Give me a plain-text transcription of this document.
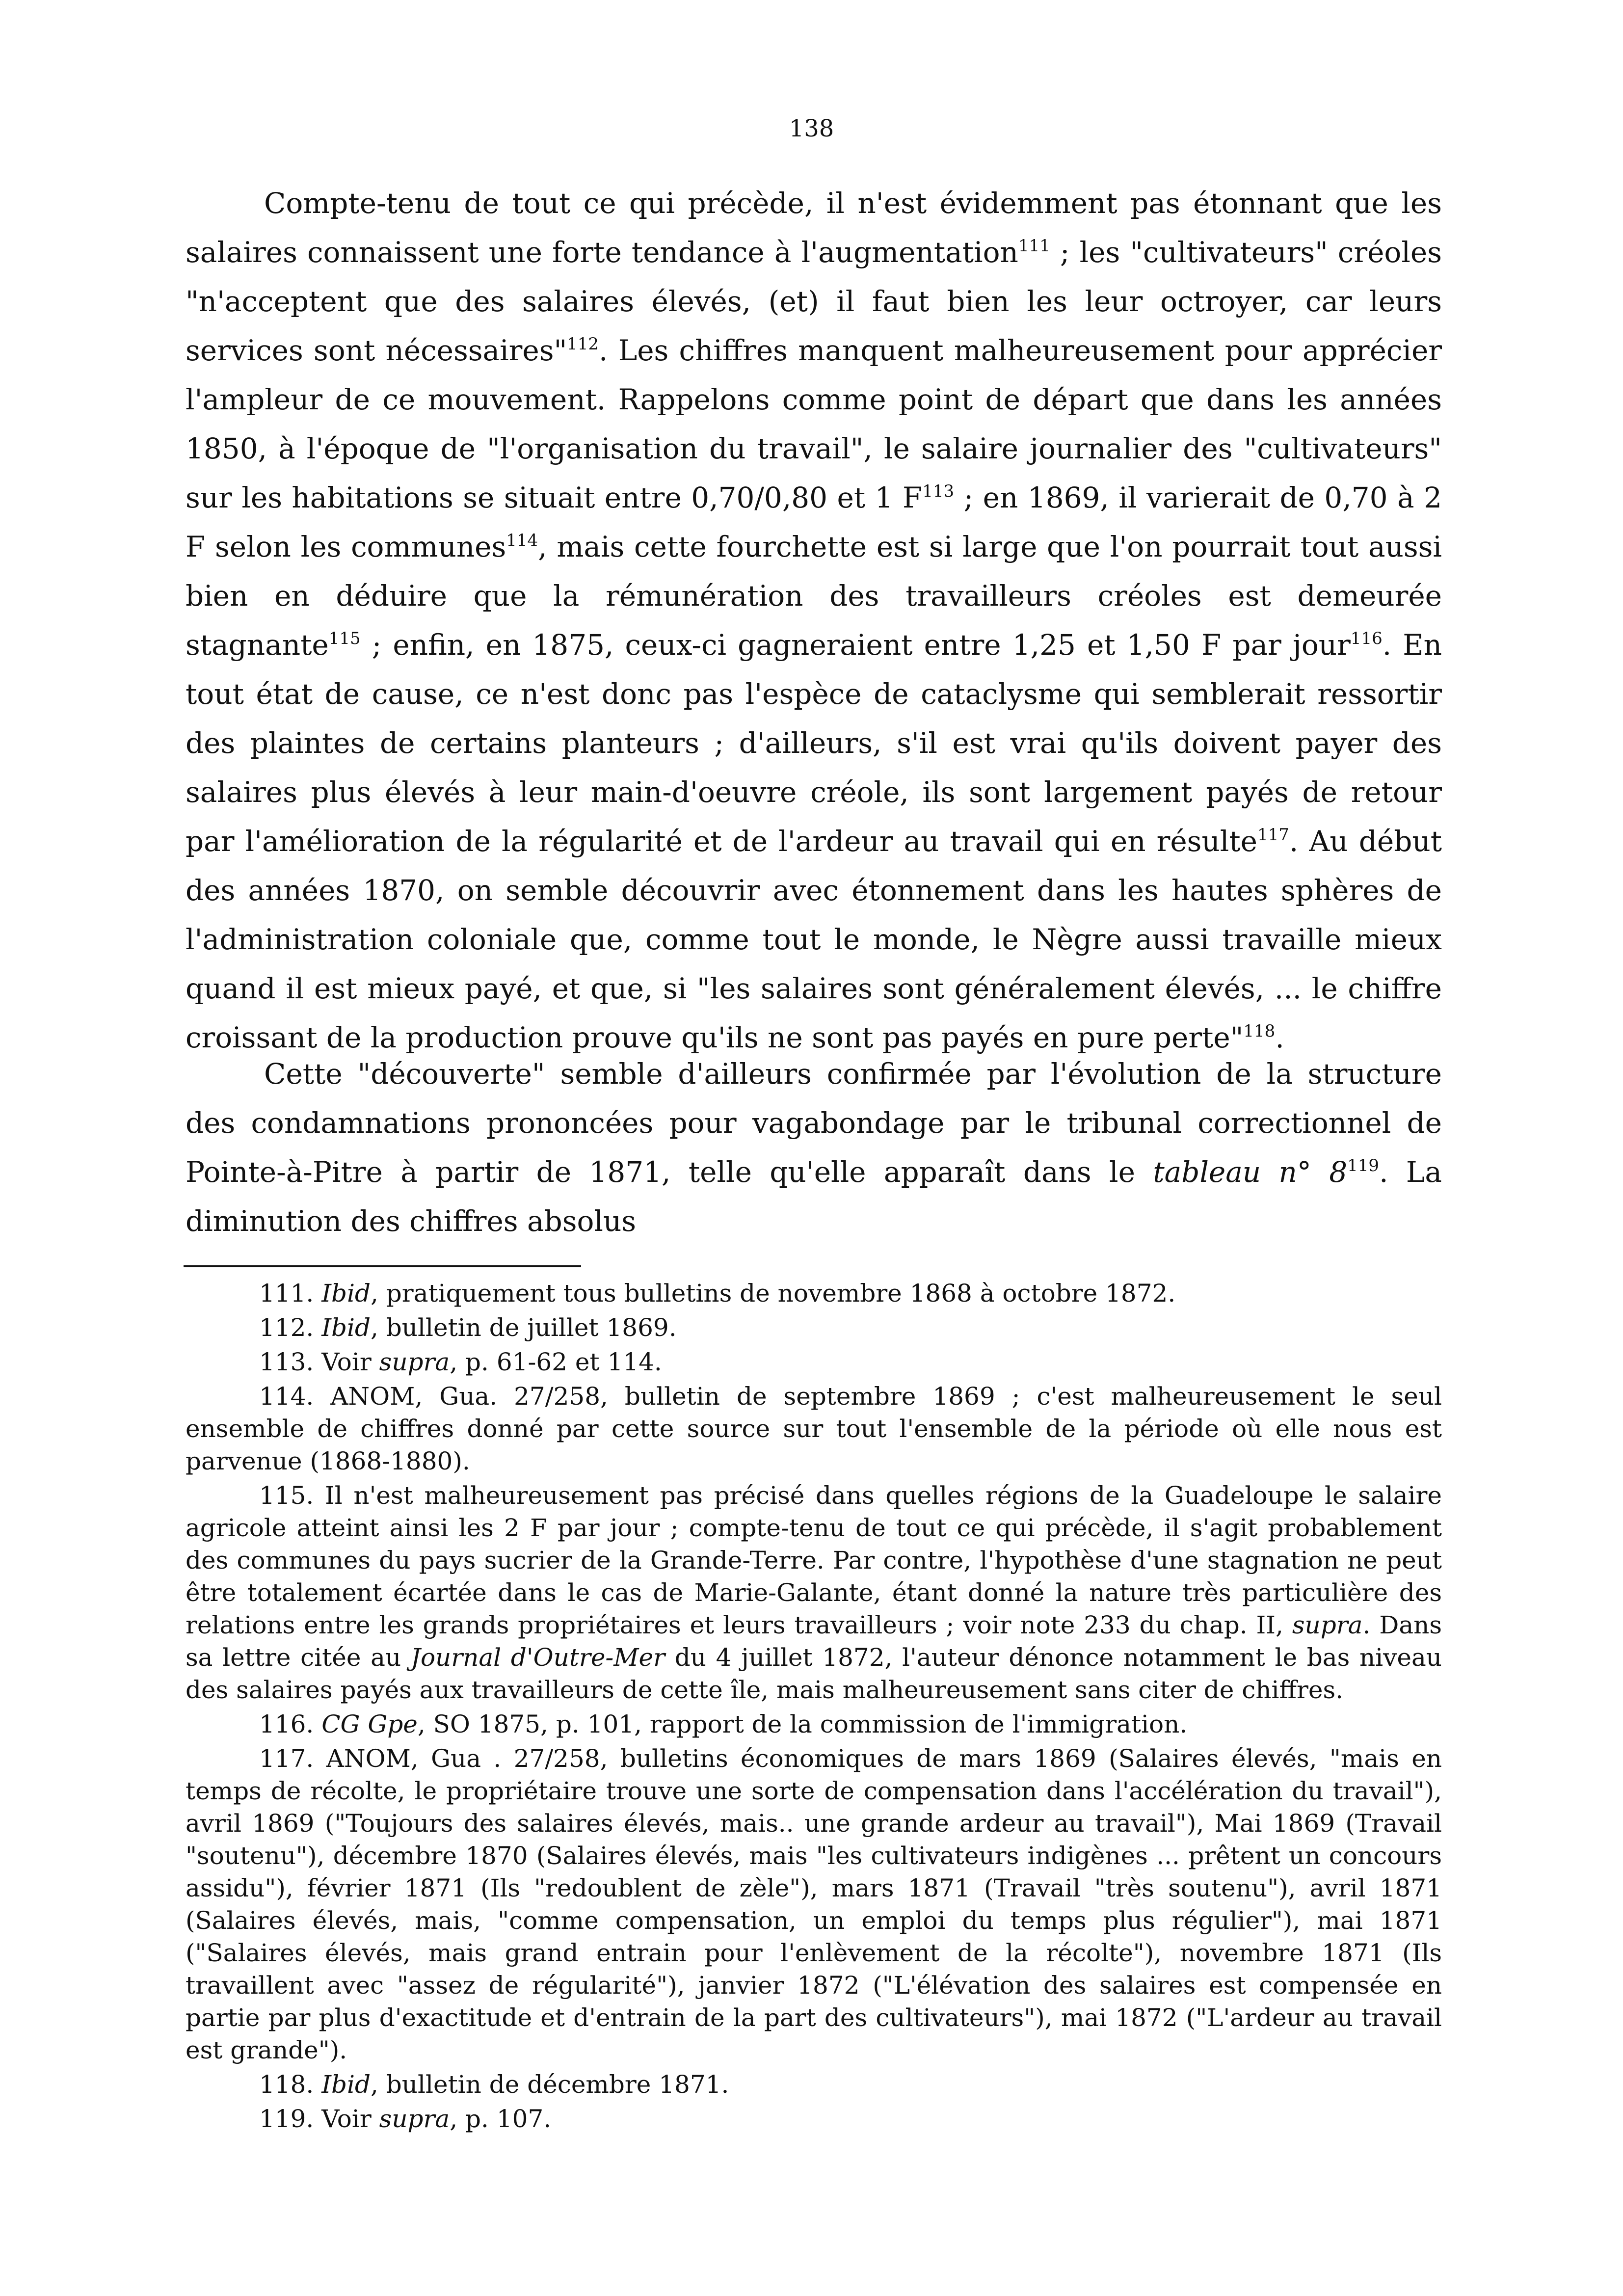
138

Compte-tenu de tout ce qui précède, il n'est évidemment pas étonnant que les salaires connaissent une forte tendance à l'augmentation$^{111}$ ; les "cultivateurs" créoles "n'acceptent que des salaires élevés, (et) il faut bien les leur octroyer, car leurs services sont nécessaires"$^{112}$. Les chiffres manquent malheureusement pour apprécier l'ampleur de ce mouvement. Rappelons comme point de départ que dans les années 1850, à l'époque de "l'organisation du travail", le salaire journalier des "cultivateurs" sur les habitations se situait entre 0,70/0,80 et 1 $F^{113}$ ; en 1869, il varierait de 0,70 à 2 F selon les communes$^{114}$, mais cette fourchette est si large que l'on pourrait tout aussi bien en déduire que la rémunération des travailleurs créoles est demeurée stagnante$^{115}$ ; enfin, en 1875, ceux-ci gagneraient entre 1,25 et 1,50 F par jour$^{116}$. En tout état de cause, ce n'est donc pas l'espèce de cataclysme qui semblerait ressortir des plaintes de certains planteurs ; d'ailleurs, s'il est vrai qu'ils doivent payer des salaires plus élevés à leur main-d'oeuvre créole, ils sont largement payés de retour par l'amélioration de la régularité et de l'ardeur au travail qui en résulte$^{117}$. Au début des années 1870, on semble découvrir avec étonnement dans les hautes sphères de l'administration coloniale que, comme tout le monde, le Nègre aussi travaille mieux quand il est mieux payé, et que, si "les salaires sont généralement élevés, ... le chiffre croissant de la production prouve qu'ils ne sont pas payés en pure perte"$^{118}$.

Cette "découverte" semble d'ailleurs confirmée par l'évolution de la structure des condamnations prononcées pour vagabondage par le tribunal correctionnel de Pointe-à-Pitre à partir de 1871, telle qu'elle apparaît dans le tableau n° $8^{119}$. La diminution des chiffres absolus

111. Ibid, pratiquement tous bulletins de novembre 1868 à octobre 1872.

112. Ibid, bulletin de juillet 1869.

113. Voir supra, p. 61-62 et 114.

114. ANOM, Gua. 27/258, bulletin de septembre 1869 ; c'est malheureusement le seul ensemble de chiffres donné par cette source sur tout l'ensemble de la période où elle nous est parvenue (1868-1880).

115. Il n'est malheureusement pas précisé dans quelles régions de la Guadeloupe le salaire agricole atteint ainsi les 2 F par jour ; compte-tenu de tout ce qui précède, il s'agit probablement des communes du pays sucrier de la Grande-Terre. Par contre, l'hypothèse d'une stagnation ne peut être totalement écartée dans le cas de Marie-Galante, étant donné la nature très particulière des relations entre les grands propriétaires et leurs travailleurs ; voir note 233 du chap. II, supra. Dans sa lettre citée au Journal d'Outre-Mer du 4 juillet 1872, l'auteur dénonce notamment le bas niveau des salaires payés aux travailleurs de cette île, mais malheureusement sans citer de chiffres.

116. CG Gpe, SO 1875, p. 101, rapport de la commission de l'immigration.

117. ANOM, Gua . 27/258, bulletins économiques de mars 1869 (Salaires élevés, "mais en temps de récolte, le propriétaire trouve une sorte de compensation dans l'accélération du travail"), avril 1869 ("Toujours des salaires élevés, mais.. une grande ardeur au travail"), Mai 1869 (Travail "soutenu"), décembre 1870 (Salaires élevés, mais "les cultivateurs indigènes ... prêtent un concours assidu"), février 1871 (Ils "redoublent de zèle"), mars 1871 (Travail "très soutenu"), avril 1871 (Salaires élevés, mais, "comme compensation, un emploi du temps plus régulier"), mai 1871 ("Salaires élevés, mais grand entrain pour l'enlèvement de la récolte"), novembre 1871 (Ils travaillent avec "assez de régularité"), janvier 1872 ("L'élévation des salaires est compensée en partie par plus d'exactitude et d'entrain de la part des cultivateurs"), mai 1872 ("L'ardeur au travail est grande").

118. Ibid, bulletin de décembre 1871.

119. Voir supra, p. 107.
